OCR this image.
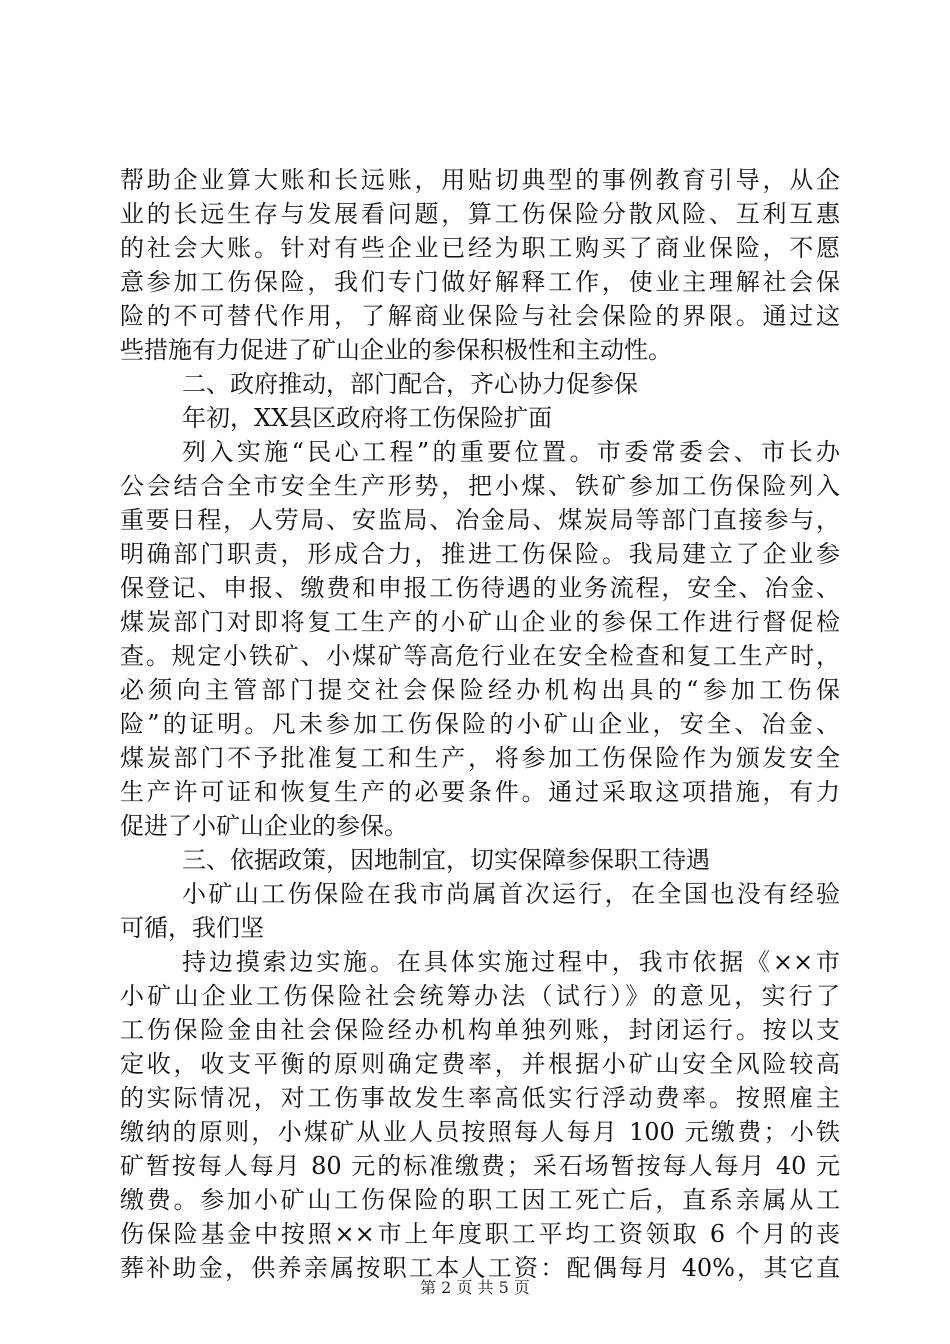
帮助企业算大账和长远账，用贴切典型的事例教育引导，从企
业的长远生存与发展看问题，算工伤保险分散风险、互利互惠
的社会大账。针对有些企业已经为职工购买了商业保险，不愿
意参加工伤保险，我们专门做好解释工作，使业主理解社会保
险的不可替代作用，了解商业保险与社会保险的界限。通过这
些措施有力促进了矿山企业的参保积极性和主动性。
二、政府推动，部门配合，齐心协力促参保
年初，XX县区政府将工伤保险扩面
列入实施“民心工程”的重要位置。市委常委会、市长办
公会结合全市安全生产形势，把小煤、铁矿参加工伤保险列入
重要日程，人劳局、安监局、冶金局、煤炭局等部门直接参与，
明确部门职责，形成合力，推进工伤保险。我局建立了企业参
保登记、申报、缴费和申报工伤待遇的业务流程，安全、冶金、
煤炭部门对即将复工生产的小矿山企业的参保工作进行督促检
查。规定小铁矿、小煤矿等高危行业在安全检查和复工生产时，
必须向主管部门提交社会保险经办机构出具的“参加工伤保
险”的证明。凡未参加工伤保险的小矿山企业，安全、冶金、
煤炭部门不予批准复工和生产，将参加工伤保险作为颁发安全
生产许可证和恢复生产的必要条件。通过采取这项措施，有力
促进了小矿山企业的参保。
三、依据政策，因地制宜，切实保障参保职工待遇
小矿山工伤保险在我市尚属首次运行，在全国也没有经验
可循，我们坚
持边摸索边实施。在具体实施过程中，我市依据《××市
小矿山企业工伤保险社会统筹办法（试行）》的意见，实行了
工伤保险金由社会保险经办机构单独列账，封闭运行。按以支
定收，收支平衡的原则确定费率，并根据小矿山安全风险较高
的实际情况，对工伤事故发生率高低实行浮动费率。按照雇主
缴纳的原则，小煤矿从业人员按照每人每月 100 元缴费；小铁
矿暂按每人每月 80 元的标准缴费；采石场暂按每人每月 40 元
缴费。参加小矿山工伤保险的职工因工死亡后，直系亲属从工
伤保险基金中按照××市上年度职工平均工资领取 6 个月的丧
葬补助金，供养亲属按职工本人工资：配偶每月 40%，其它直
第 2 页 共 5 页
